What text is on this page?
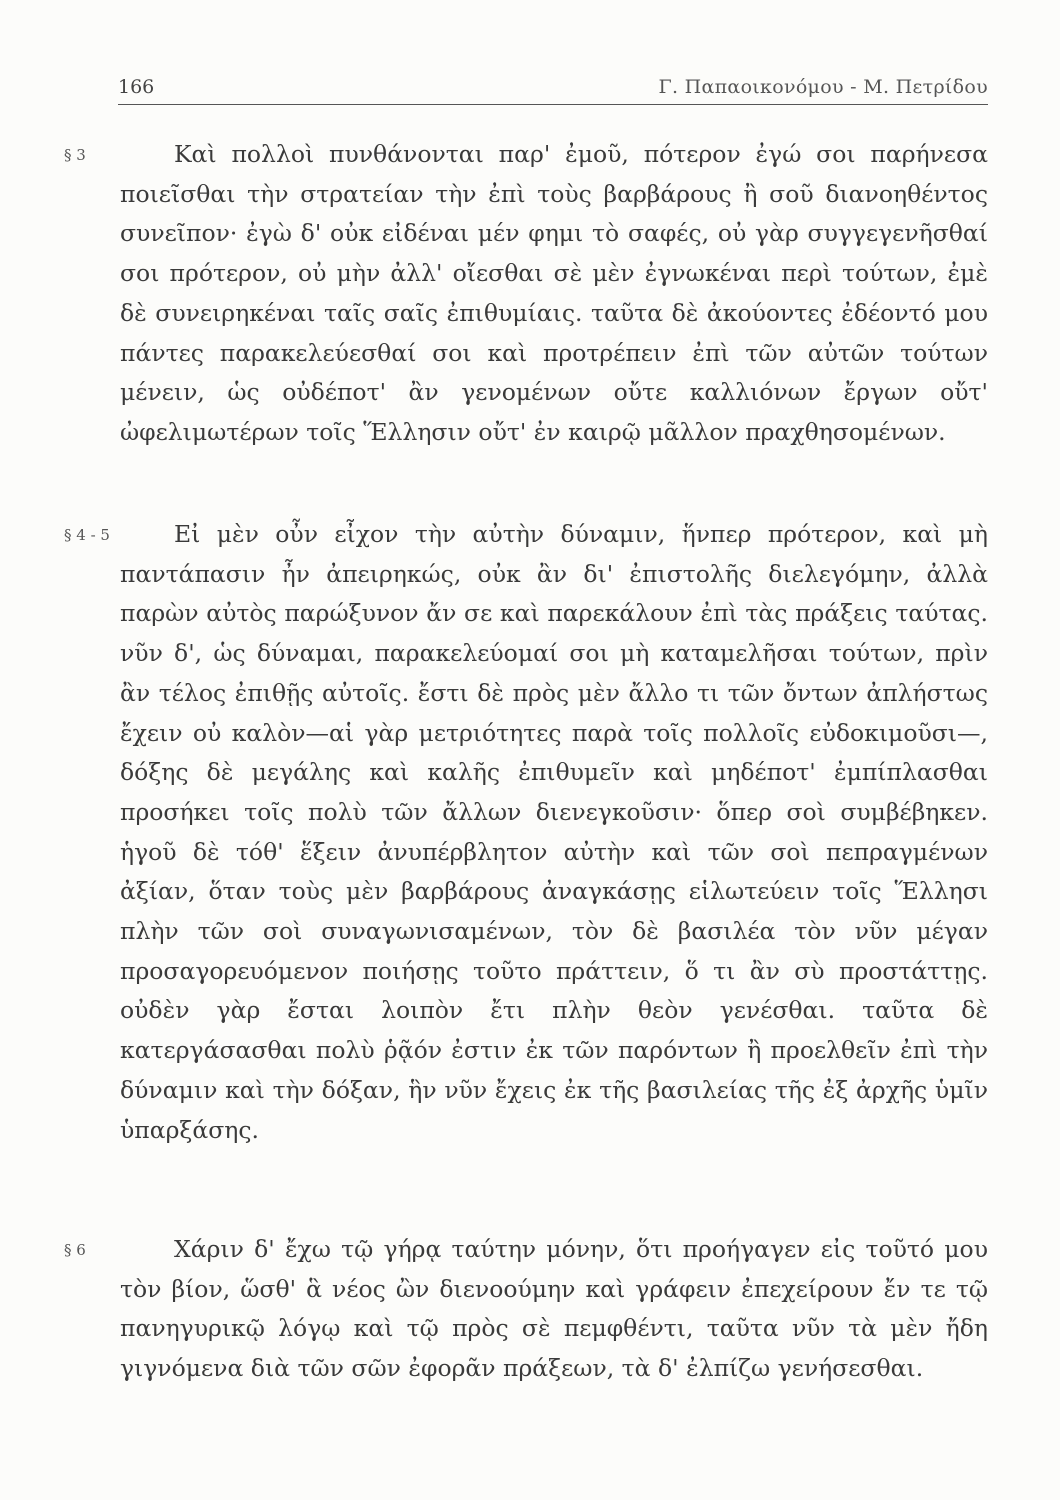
166	Γ. Παπαοικονόμου - Μ. Πετρίδου
§ 3	Καὶ πολλοὶ πυνθάνονται παρ' ἐμοῦ, πότερον ἐγώ σοι παρήνεσα ποιεῖσθαι τὴν στρατείαν τὴν ἐπὶ τοὺς βαρβάρους ἢ σοῦ διανοηθέντος συνεῖπον· ἐγὼ δ' οὐκ εἰδέναι μέν φημι τὸ σαφές, οὐ γὰρ συγγεγενῆσθαί σοι πρότερον, οὐ μὴν ἀλλ' οἴεσθαι σὲ μὲν ἐγνωκέναι περὶ τούτων, ἐμὲ δὲ συνειρηκέναι ταῖς σαῖς ἐπιθυμίαις. ταῦτα δὲ ἀκούοντες ἐδέοντό μου πάντες παρακελεύεσθαί σοι καὶ προτρέπειν ἐπὶ τῶν αὐτῶν τούτων μένειν, ὡς οὐδέποτ' ἂν γενομένων οὔτε καλλιόνων ἔργων οὔτ' ὠφελιμωτέρων τοῖς Ἕλλησιν οὔτ' ἐν καιρῷ μᾶλλον πραχθησομένων.

§ 4 - 5	Εἰ μὲν οὖν εἶχον τὴν αὐτὴν δύναμιν, ἥνπερ πρότερον, καὶ μὴ παντάπασιν ἦν ἀπειρηκώς, οὐκ ἂν δι' ἐπιστολῆς διελεγόμην, ἀλλὰ παρὼν αὐτὸς παρώξυνον ἄν σε καὶ παρεκάλουν ἐπὶ τὰς πράξεις ταύτας. νῦν δ', ὡς δύναμαι, παρακελεύομαί σοι μὴ καταμελῆσαι τούτων, πρὶν ἂν τέλος ἐπιθῇς αὐτοῖς. ἔστι δὲ πρὸς μὲν ἄλλο τι τῶν ὄντων ἀπλήστως ἔχειν οὐ καλὸν—αἱ γὰρ μετριότητες παρὰ τοῖς πολλοῖς εὐδοκιμοῦσι—, δόξης δὲ μεγάλης καὶ καλῆς ἐπιθυμεῖν καὶ μηδέποτ' ἐμπίπλασθαι προσήκει τοῖς πολὺ τῶν ἄλλων διενεγκοῦσιν· ὅπερ σοὶ συμβέβηκεν. ἡγοῦ δὲ τόθ' ἕξειν ἀνυπέρβλητον αὐτὴν καὶ τῶν σοὶ πεπραγμένων ἀξίαν, ὅταν τοὺς μὲν βαρβάρους ἀναγκάσῃς εἱλωτεύειν τοῖς Ἕλλησι πλὴν τῶν σοὶ συναγωνισαμένων, τὸν δὲ βασιλέα τὸν νῦν μέγαν προσαγορευόμενον ποιήσῃς τοῦτο πράττειν, ὅ τι ἂν σὺ προστάττῃς. οὐδὲν γὰρ ἔσται λοιπὸν ἔτι πλὴν θεὸν γενέσθαι. ταῦτα δὲ κατεργάσασθαι πολὺ ῥᾷόν ἐστιν ἐκ τῶν παρόντων ἢ προελθεῖν ἐπὶ τὴν δύναμιν καὶ τὴν δόξαν, ἣν νῦν ἔχεις ἐκ τῆς βασιλείας τῆς ἐξ ἀρχῆς ὑμῖν ὑπαρξάσης.

§ 6	Χάριν δ' ἔχω τῷ γήρᾳ ταύτην μόνην, ὅτι προήγαγεν εἰς τοῦτό μου τὸν βίον, ὥσθ' ἃ νέος ὢν διενοούμην καὶ γράφειν ἐπεχείρουν ἔν τε τῷ πανηγυρικῷ λόγῳ καὶ τῷ πρὸς σὲ πεμφθέντι, ταῦτα νῦν τὰ μὲν ἤδη γιγνόμενα διὰ τῶν σῶν ἐφορᾶν πράξεων, τὰ δ' ἐλπίζω γενήσεσθαι.
